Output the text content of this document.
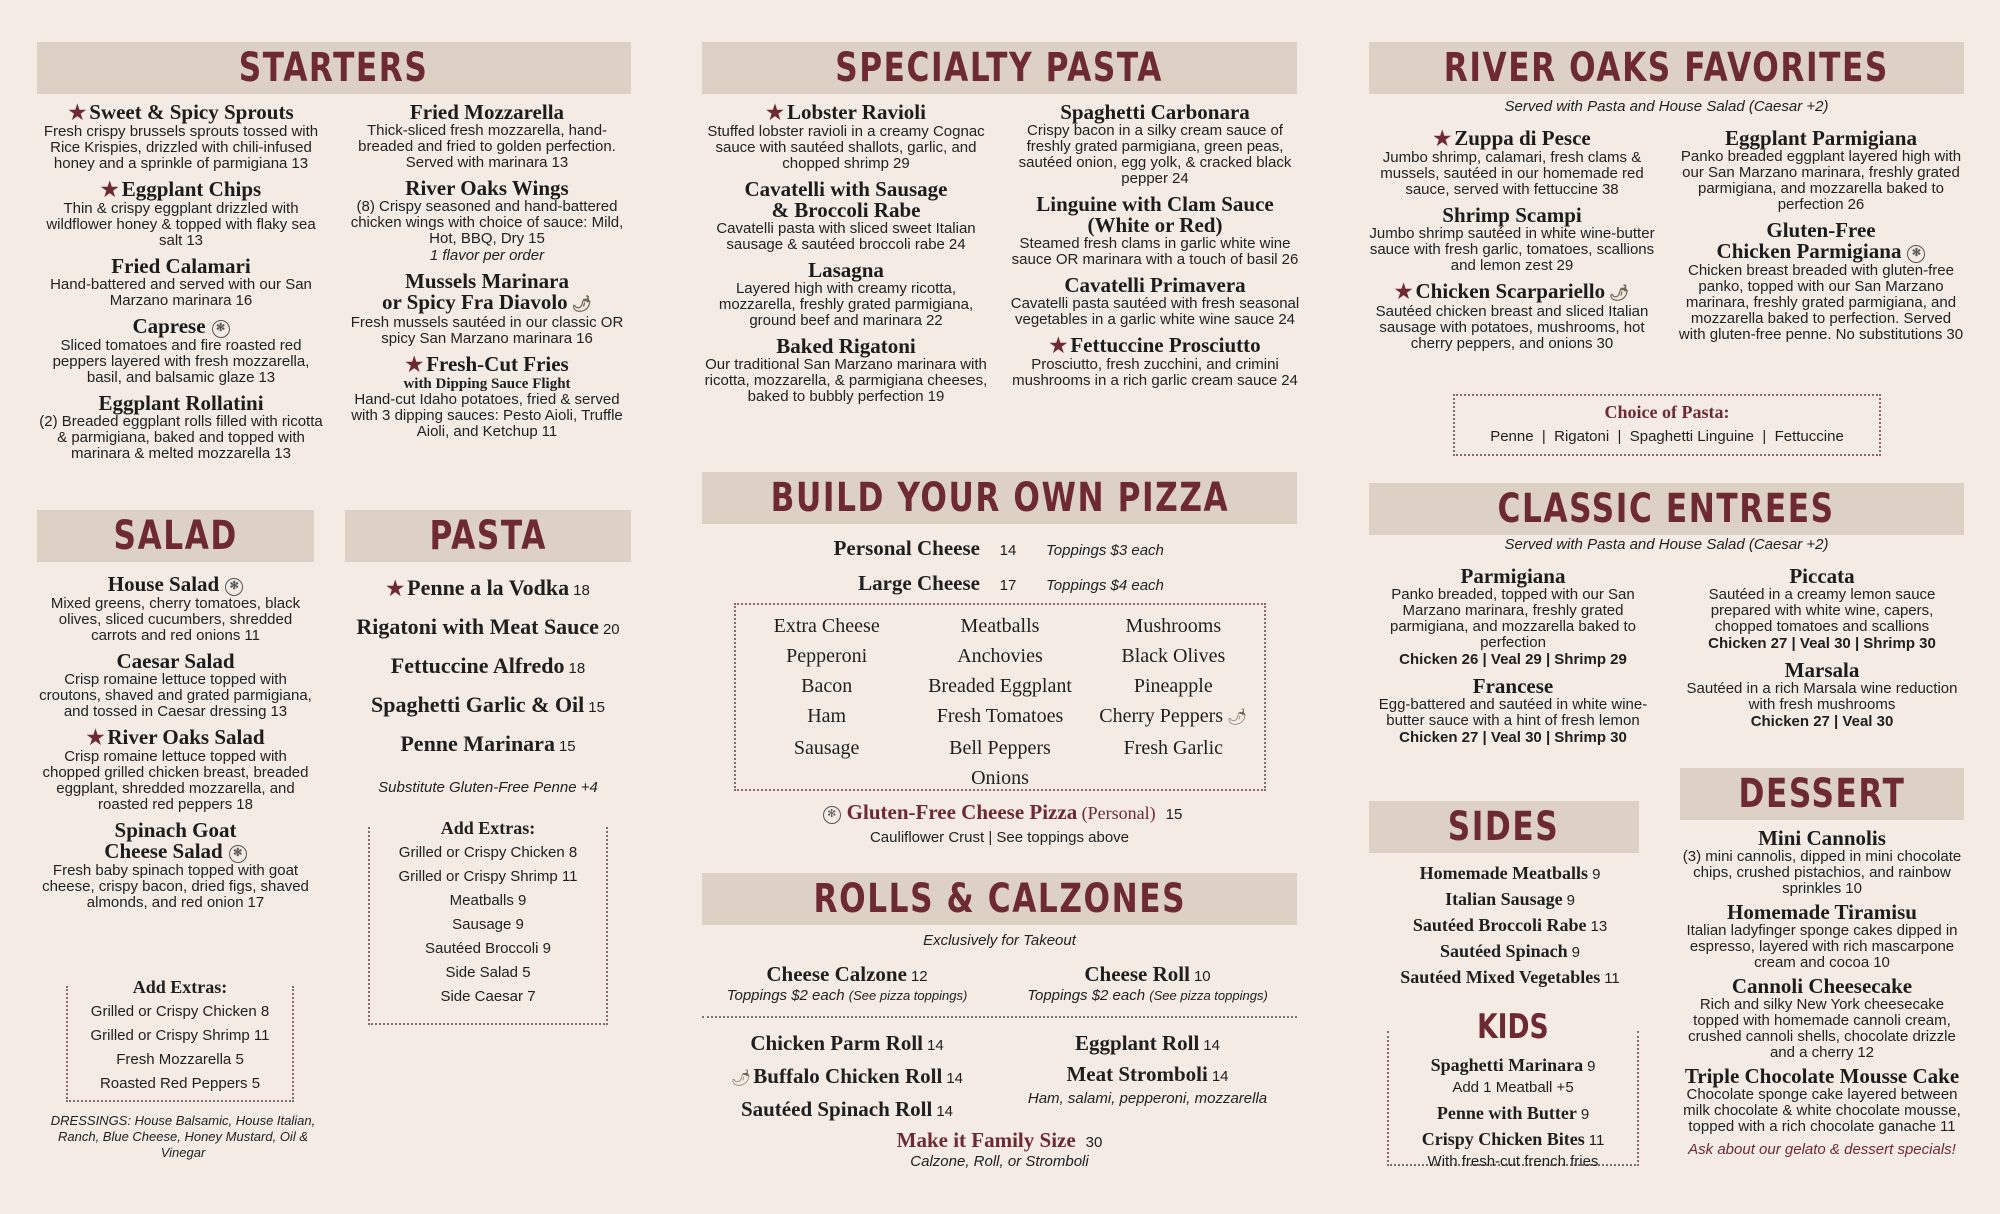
STARTERS
★ Sweet & Spicy Sprouts
Fresh crispy brussels sprouts tossed with Rice Krispies, drizzled with chili-infused honey and a sprinkle of parmigiana 13
★ Eggplant Chips
Thin & crispy eggplant drizzled with wildflower honey & topped with flaky sea salt 13
Fried Calamari
Hand-battered and served with our San Marzano marinara 16
Caprese ✻
Sliced tomatoes and fire roasted red peppers layered with fresh mozzarella, basil, and balsamic glaze 13
Eggplant Rollatini
(2) Breaded eggplant rolls filled with ricotta & parmigiana, baked and topped with marinara & melted mozzarella 13
Fried Mozzarella
Thick-sliced fresh mozzarella, hand-breaded and fried to golden perfection. Served with marinara 13
River Oaks Wings
(8) Crispy seasoned and hand-battered chicken wings with choice of sauce: Mild, Hot, BBQ, Dry 15
1 flavor per order
Mussels Marinara
or Spicy Fra Diavolo 🌶︎
Fresh mussels sautéed in our classic OR spicy San Marzano marinara 16
★ Fresh-Cut Fries
with Dipping Sauce Flight
Hand-cut Idaho potatoes, fried & served with 3 dipping sauces: Pesto Aioli, Truffle Aioli, and Ketchup 11
SALAD
House Salad ✻
Mixed greens, cherry tomatoes, black olives, sliced cucumbers, shredded carrots and red onions 11
Caesar Salad
Crisp romaine lettuce topped with croutons, shaved and grated parmigiana, and tossed in Caesar dressing 13
★ River Oaks Salad
Crisp romaine lettuce topped with chopped grilled chicken breast, breaded eggplant, shredded mozzarella, and roasted red peppers 18
Spinach Goat
Cheese Salad ✻
Fresh baby spinach topped with goat cheese, crispy bacon, dried figs, shaved almonds, and red onion 17
Add Extras:
Grilled or Crispy Chicken 8
Grilled or Crispy Shrimp 11
Fresh Mozzarella 5
Roasted Red Peppers 5
DRESSINGS: House Balsamic, House Italian, Ranch, Blue Cheese, Honey Mustard, Oil & Vinegar
PASTA
★ Penne a la Vodka 18
Rigatoni with Meat Sauce 20
Fettuccine Alfredo 18
Spaghetti Garlic & Oil 15
Penne Marinara 15
Substitute Gluten-Free Penne +4
Add Extras:
Grilled or Crispy Chicken 8
Grilled or Crispy Shrimp 11
Meatballs 9
Sausage 9
Sautéed Broccoli 9
Side Salad 5
Side Caesar 7
SPECIALTY PASTA
★ Lobster Ravioli
Stuffed lobster ravioli in a creamy Cognac sauce with sautéed shallots, garlic, and chopped shrimp 29
Cavatelli with Sausage
& Broccoli Rabe
Cavatelli pasta with sliced sweet Italian sausage & sautéed broccoli rabe 24
Lasagna
Layered high with creamy ricotta, mozzarella, freshly grated parmigiana, ground beef and marinara 22
Baked Rigatoni
Our traditional San Marzano marinara with ricotta, mozzarella, & parmigiana cheeses, baked to bubbly perfection 19
Spaghetti Carbonara
Crispy bacon in a silky cream sauce of freshly grated parmigiana, green peas, sautéed onion, egg yolk, & cracked black pepper 24
Linguine with Clam Sauce
(White or Red)
Steamed fresh clams in garlic white wine sauce OR marinara with a touch of basil 26
Cavatelli Primavera
Cavatelli pasta sautéed with fresh seasonal vegetables in a garlic white wine sauce 24
★ Fettuccine Prosciutto
Prosciutto, fresh zucchini, and crimini mushrooms in a rich garlic cream sauce 24
BUILD YOUR OWN PIZZA
Personal Cheese	14	Toppings $3 each
Large Cheese	17	Toppings $4 each
Extra Cheese	Meatballs	Mushrooms
Pepperoni	Anchovies	Black Olives
Bacon	Breaded Eggplant	Pineapple
Ham	Fresh Tomatoes	Cherry Peppers 🌶︎
Sausage	Bell Peppers	Fresh Garlic
Onions
✻ Gluten-Free Cheese Pizza (Personal) 15
Cauliflower Crust | See toppings above
ROLLS & CALZONES
Exclusively for Takeout
Cheese Calzone 12
Toppings $2 each (See pizza toppings)
Cheese Roll 10
Toppings $2 each (See pizza toppings)
Chicken Parm Roll 14
🌶︎Buffalo Chicken Roll 14
Sautéed Spinach Roll 14
Eggplant Roll 14
Meat Stromboli 14
Ham, salami, pepperoni, mozzarella
Make it Family Size 30
Calzone, Roll, or Stromboli
RIVER OAKS FAVORITES
Served with Pasta and House Salad (Caesar +2)
★ Zuppa di Pesce
Jumbo shrimp, calamari, fresh clams & mussels, sautéed in our homemade red sauce, served with fettuccine 38
Shrimp Scampi
Jumbo shrimp sautéed in white wine-butter sauce with fresh garlic, tomatoes, scallions and lemon zest 29
★ Chicken Scarpariello 🌶︎
Sautéed chicken breast and sliced Italian sausage with potatoes, mushrooms, hot cherry peppers, and onions 30
Eggplant Parmigiana
Panko breaded eggplant layered high with our San Marzano marinara, freshly grated parmigiana, and mozzarella baked to perfection 26
Gluten-Free
Chicken Parmigiana ✻
Chicken breast breaded with gluten-free panko, topped with our San Marzano marinara, freshly grated parmigiana, and mozzarella baked to perfection. Served with gluten-free penne. No substitutions 30
Choice of Pasta:
Penne  |  Rigatoni  |  Spaghetti Linguine  |  Fettuccine
CLASSIC ENTREES
Served with Pasta and House Salad (Caesar +2)
Parmigiana
Panko breaded, topped with our San Marzano marinara, freshly grated parmigiana, and mozzarella baked to perfection
Chicken 26 | Veal 29 | Shrimp 29
Francese
Egg-battered and sautéed in white wine-butter sauce with a hint of fresh lemon
Chicken 27 | Veal 30 | Shrimp 30
Piccata
Sautéed in a creamy lemon sauce prepared with white wine, capers, chopped tomatoes and scallions
Chicken 27 | Veal 30 | Shrimp 30
Marsala
Sautéed in a rich Marsala wine reduction with fresh mushrooms
Chicken 27 | Veal 30
SIDES
Homemade Meatballs 9
Italian Sausage 9
Sautéed Broccoli Rabe 13
Sautéed Spinach 9
Sautéed Mixed Vegetables 11
KIDS
Spaghetti Marinara 9
Add 1 Meatball +5
Penne with Butter 9
Crispy Chicken Bites 11
With fresh-cut french fries
DESSERT
Mini Cannolis
(3) mini cannolis, dipped in mini chocolate chips, crushed pistachios, and rainbow sprinkles 10
Homemade Tiramisu
Italian ladyfinger sponge cakes dipped in espresso, layered with rich mascarpone cream and cocoa 10
Cannoli Cheesecake
Rich and silky New York cheesecake topped with homemade cannoli cream, crushed cannoli shells, chocolate drizzle and a cherry 12
Triple Chocolate Mousse Cake
Chocolate sponge cake layered between milk chocolate & white chocolate mousse, topped with a rich chocolate ganache 11
Ask about our gelato & dessert specials!
